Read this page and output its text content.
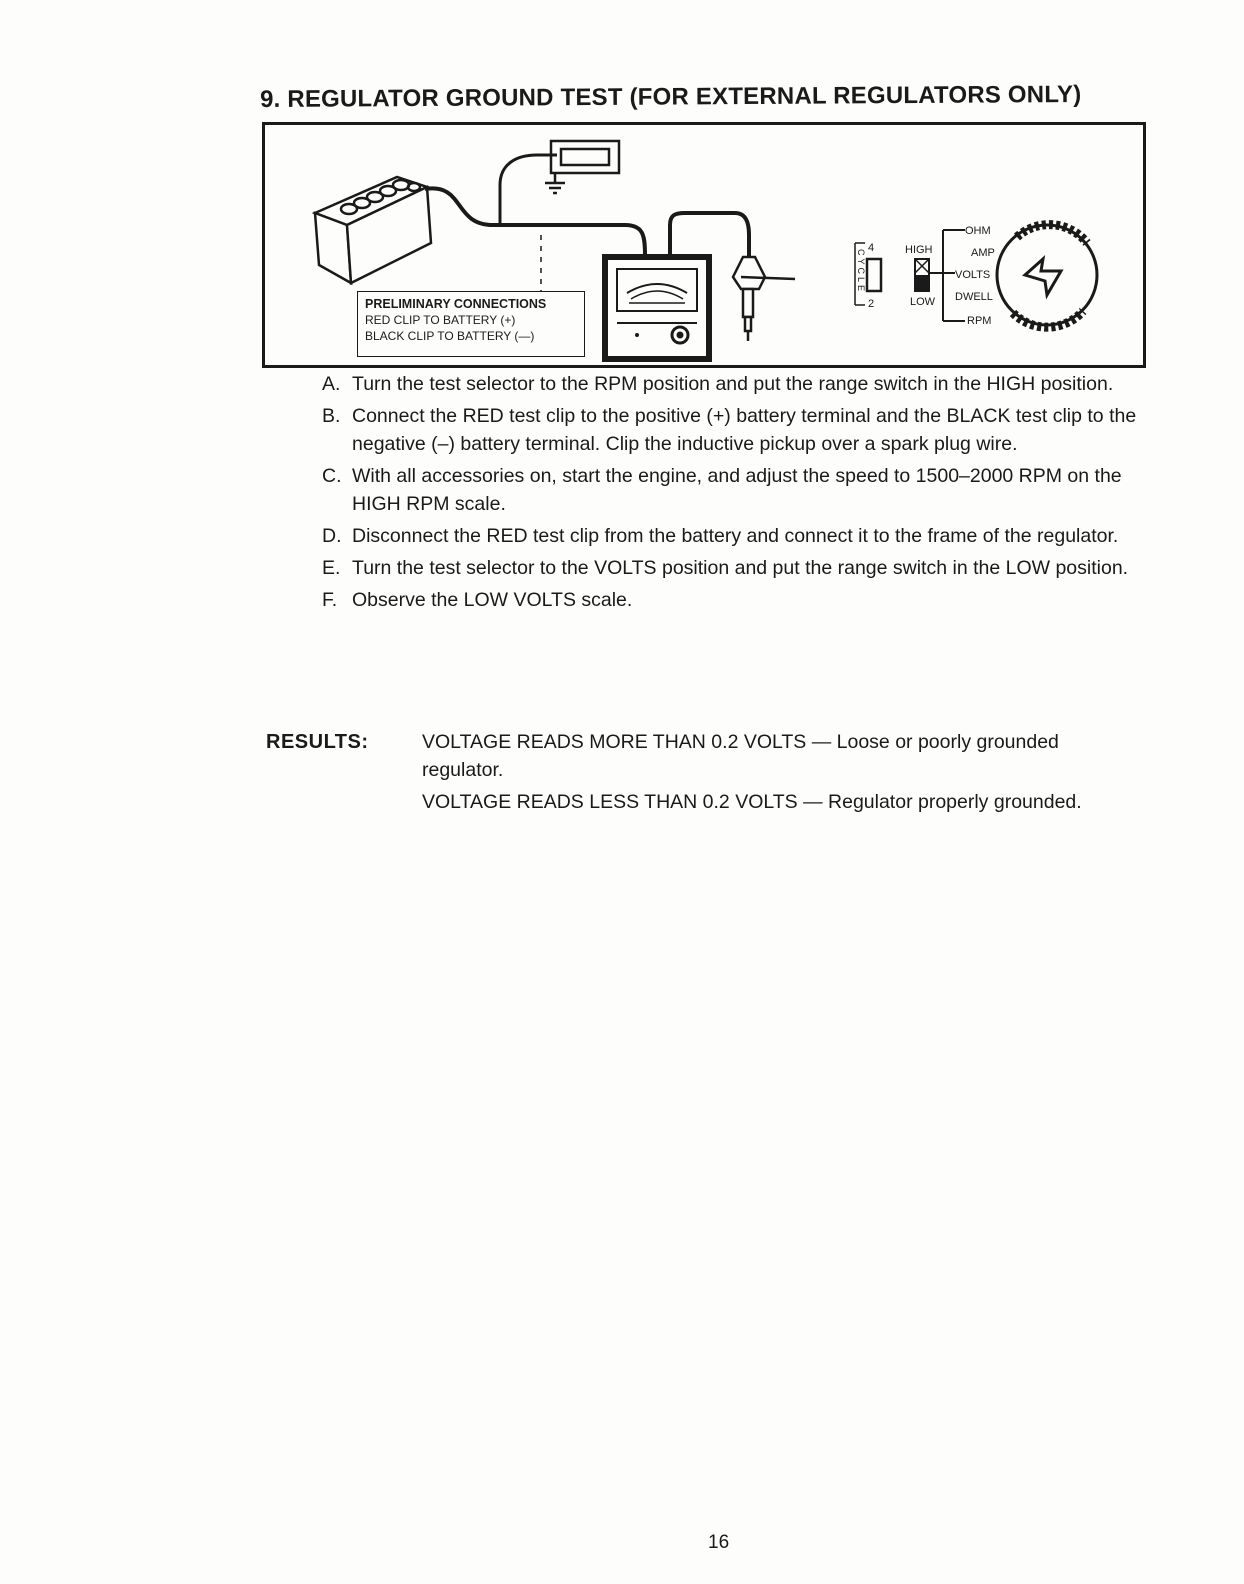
9. REGULATOR GROUND TEST (FOR EXTERNAL REGULATORS ONLY)
4
2
CYCLE	HIGH
LOW
OHM
AMP
VOLTS
DWELL
RPM
PRELIMINARY CONNECTIONS
RED CLIP TO BATTERY (+)
BLACK CLIP TO BATTERY (—)
A. Turn the test selector to the RPM position and put the range switch in the HIGH position.
B. Connect the RED test clip to the positive (+) battery terminal and the BLACK test clip to the negative (–) battery terminal. Clip the inductive pickup over a spark plug wire.
C. With all accessories on, start the engine, and adjust the speed to 1500–2000 RPM on the HIGH RPM scale.
D. Disconnect the RED test clip from the battery and connect it to the frame of the regulator.
E. Turn the test selector to the VOLTS position and put the range switch in the LOW position.
F. Observe the LOW VOLTS scale.
RESULTS:	VOLTAGE READS MORE THAN 0.2 VOLTS — Loose or poorly grounded regulator.
VOLTAGE READS LESS THAN 0.2 VOLTS — Regulator properly grounded.
16
